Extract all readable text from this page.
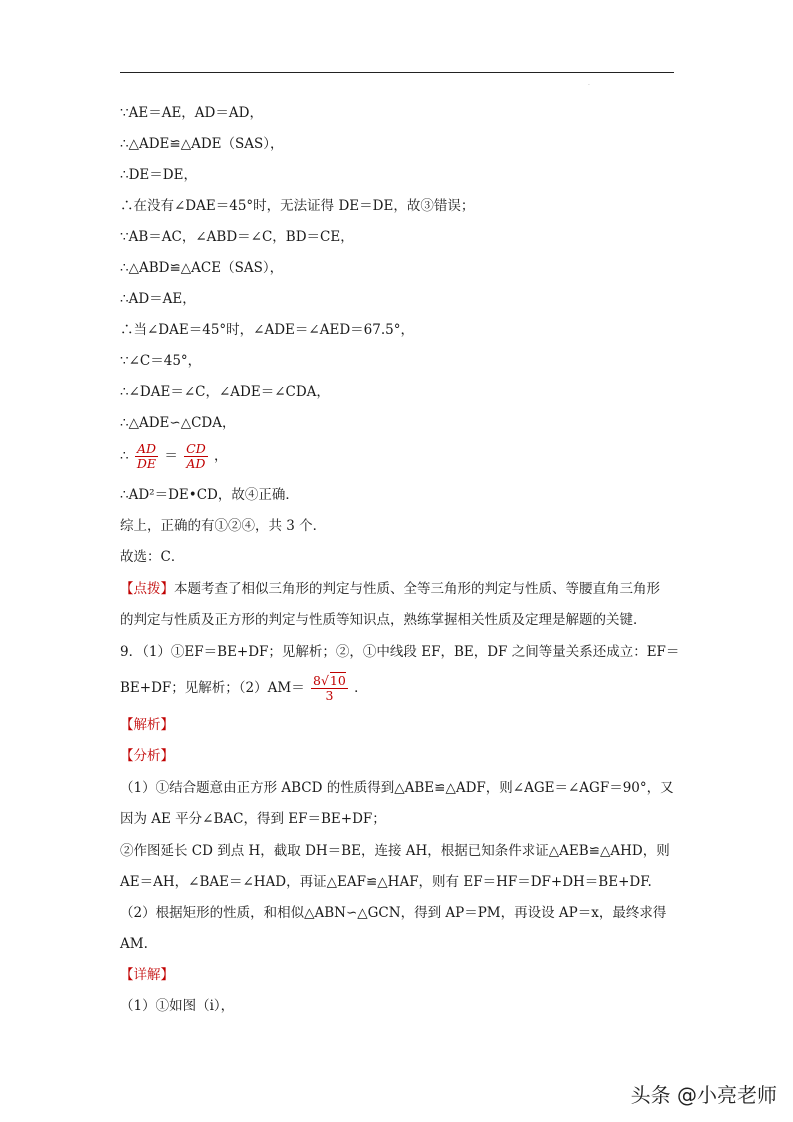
·
∵AE＝AE，AD＝AD，
∴△ADE≌△ADE（SAS），
∴DE＝DE，
∴在没有∠DAE＝45°时，无法证得 DE＝DE，故③错误；
∵AB＝AC，∠ABD＝∠C，BD＝CE，
∴△ABD≌△ACE（SAS），
∴AD＝AE，
∴当∠DAE＝45°时，∠ADE＝∠AED＝67.5°，
∵∠C＝45°，
∴∠DAE＝∠C，∠ADE＝∠CDA，
∴△ADE∽△CDA，
∴ $\frac{AD}{DE} = \frac{CD}{AD}$ ，
∴AD²＝DE•CD，故④正确．
综上，正确的有①②④，共 3 个．
故选：C．
【点拨】本题考查了相似三角形的判定与性质、全等三角形的判定与性质、等腰直角三角形
的判定与性质及正方形的判定与性质等知识点，熟练掌握相关性质及定理是解题的关键．
9．（1）①EF＝BE+DF；见解析；②，①中线段 EF，BE，DF 之间等量关系还成立：EF＝
BE+DF；见解析；$(2)AM= \frac{8√10}{3}$ ．
【解析】
【分析】
（1）①结合题意由正方形 ABCD 的性质得到△ABE≌△ADF，则∠AGE＝∠AGF＝90°，又
因为 AE 平分∠BAC，得到 EF＝BE+DF；
②作图延长 CD 到点 H，截取 DH＝BE，连接 AH，根据已知条件求证△AEB≌△AHD，则
AE＝AH，∠BAE＝∠HAD，再证△EAF≌△HAF，则有 EF＝HF＝DF+DH＝BE+DF.
（2）根据矩形的性质，和相似△ABN∽△GCN，得到 AP＝PM，再设设 AP＝x，最终求得
AM.
【详解】
（1）①如图（i），
头条 @小亮老师
